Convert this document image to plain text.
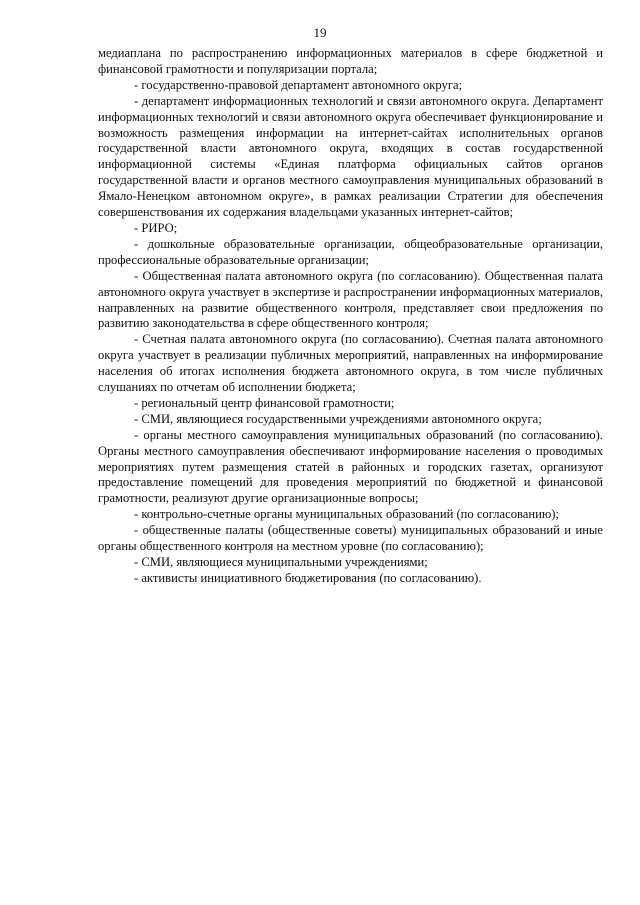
19

медиаплана по распространению информационных материалов в сфере бюджетной и финансовой грамотности и популяризации портала;

- государственно-правовой департамент автономного округа;

- департамент информационных технологий и связи автономного округа. Департамент информационных технологий и связи автономного округа обеспечивает функционирование и возможность размещения информации на интернет-сайтах исполнительных органов государственной власти автономного округа, входящих в состав государственной информационной системы «Единая платформа официальных сайтов органов государственной власти и органов местного самоуправления муниципальных образований в Ямало-Ненецком автономном округе», в рамках реализации Стратегии для обеспечения совершенствования их содержания владельцами указанных интернет-сайтов;

- РИРО;

- дошкольные образовательные организации, общеобразовательные организации, профессиональные образовательные организации;

- Общественная палата автономного округа (по согласованию). Общественная палата автономного округа участвует в экспертизе и распространении информационных материалов, направленных на развитие общественного контроля, представляет свои предложения по развитию законодательства в сфере общественного контроля;

- Счетная палата автономного округа (по согласованию). Счетная палата автономного округа участвует в реализации публичных мероприятий, направленных на информирование населения об итогах исполнения бюджета автономного округа, в том числе публичных слушаниях по отчетам об исполнении бюджета;

- региональный центр финансовой грамотности;

- СМИ, являющиеся государственными учреждениями автономного округа;

- органы местного самоуправления муниципальных образований (по согласованию). Органы местного самоуправления обеспечивают информирование населения о проводимых мероприятиях путем размещения статей в районных и городских газетах, организуют предоставление помещений для проведения мероприятий по бюджетной и финансовой грамотности, реализуют другие организационные вопросы;

- контрольно-счетные органы муниципальных образований (по согласованию);

- общественные палаты (общественные советы) муниципальных образований и иные органы общественного контроля на местном уровне (по согласованию);

- СМИ, являющиеся муниципальными учреждениями;

- активисты инициативного бюджетирования (по согласованию).
